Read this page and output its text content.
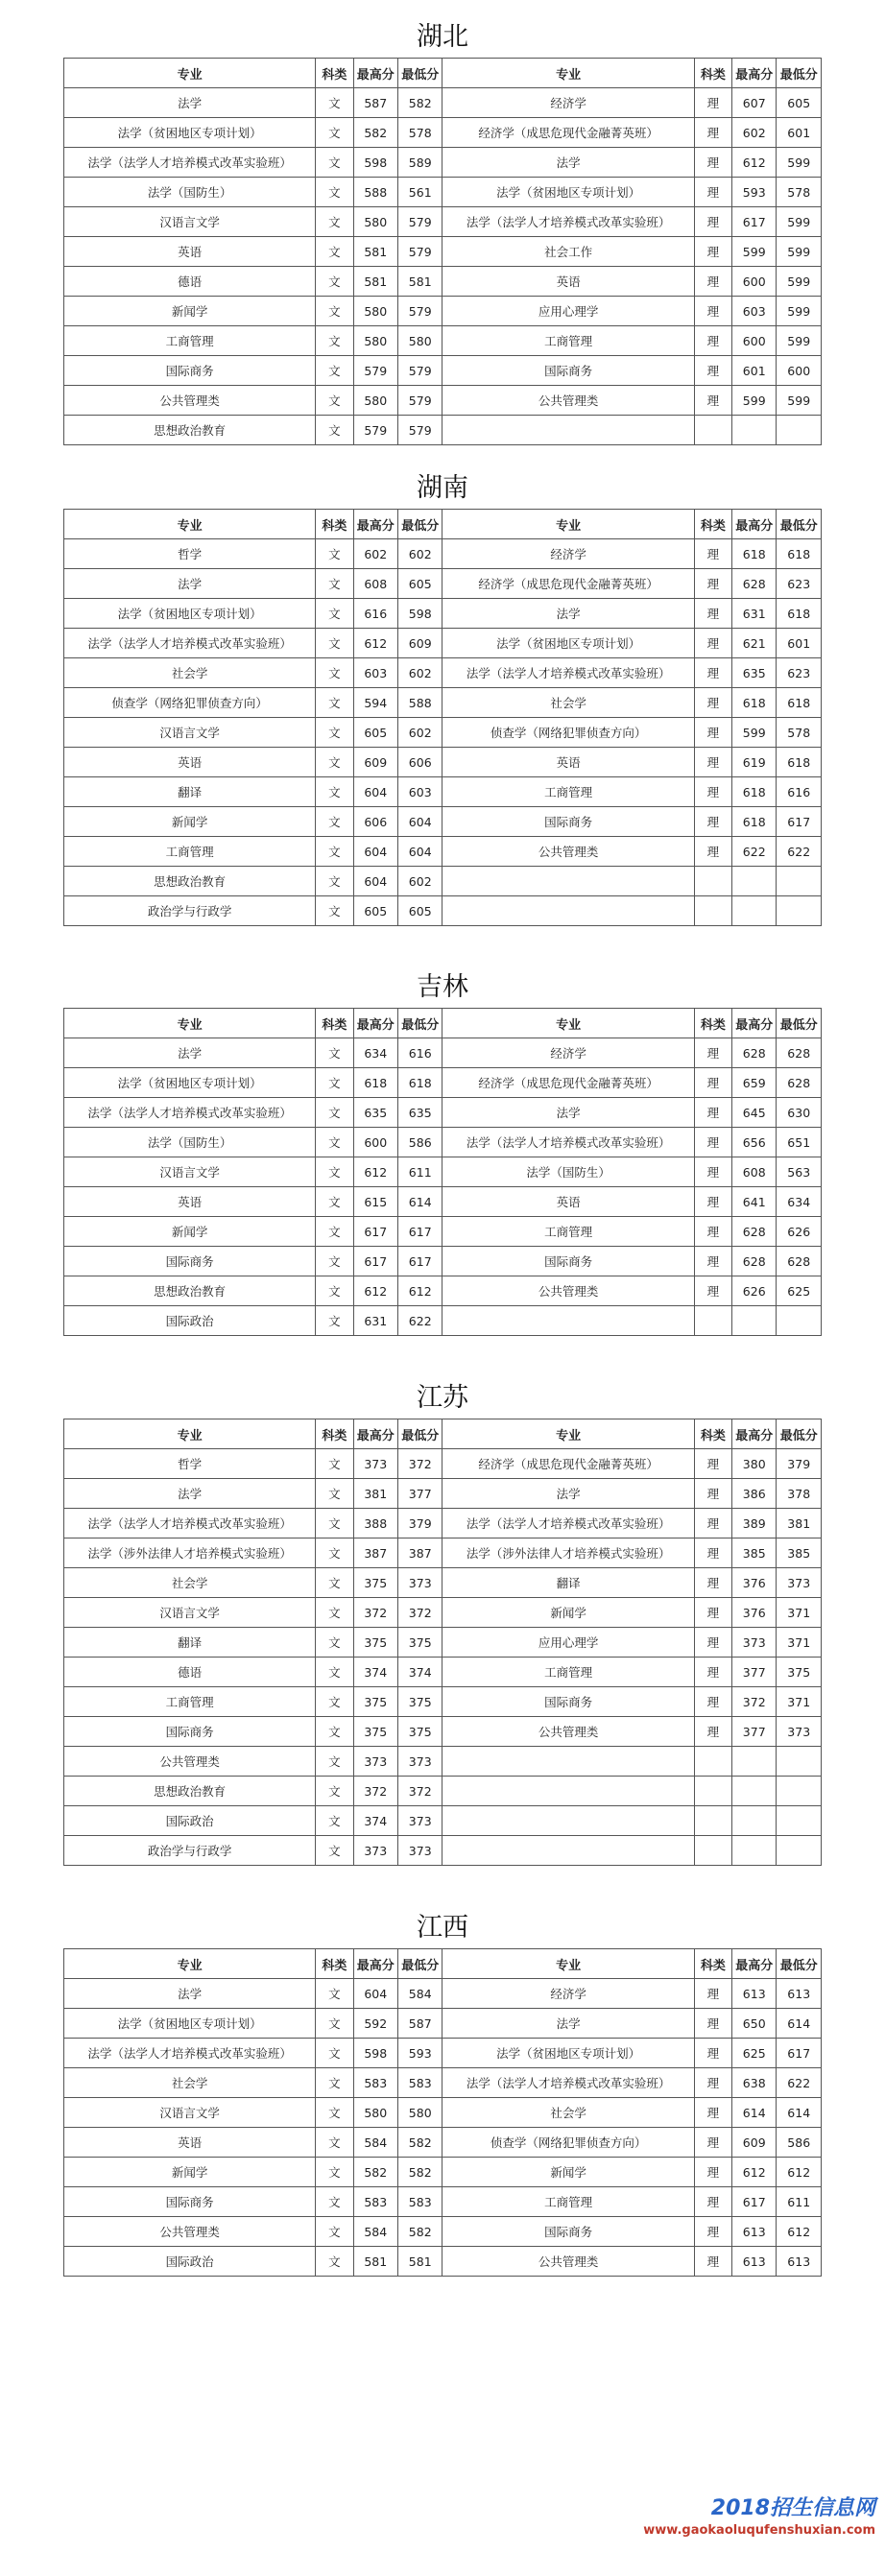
湖北
专业	科类	最高分	最低分	专业	科类	最高分	最低分
法学	文	587	582	经济学	理	607	605
法学（贫困地区专项计划）	文	582	578	经济学（成思危现代金融菁英班）	理	602	601
法学（法学人才培养模式改革实验班）	文	598	589	法学	理	612	599
法学（国防生）	文	588	561	法学（贫困地区专项计划）	理	593	578
汉语言文学	文	580	579	法学（法学人才培养模式改革实验班）	理	617	599
英语	文	581	579	社会工作	理	599	599
德语	文	581	581	英语	理	600	599
新闻学	文	580	579	应用心理学	理	603	599
工商管理	文	580	580	工商管理	理	600	599
国际商务	文	579	579	国际商务	理	601	600
公共管理类	文	580	579	公共管理类	理	599	599
思想政治教育	文	579	579				
湖南
专业	科类	最高分	最低分	专业	科类	最高分	最低分
哲学	文	602	602	经济学	理	618	618
法学	文	608	605	经济学（成思危现代金融菁英班）	理	628	623
法学（贫困地区专项计划）	文	616	598	法学	理	631	618
法学（法学人才培养模式改革实验班）	文	612	609	法学（贫困地区专项计划）	理	621	601
社会学	文	603	602	法学（法学人才培养模式改革实验班）	理	635	623
侦查学（网络犯罪侦查方向）	文	594	588	社会学	理	618	618
汉语言文学	文	605	602	侦查学（网络犯罪侦查方向）	理	599	578
英语	文	609	606	英语	理	619	618
翻译	文	604	603	工商管理	理	618	616
新闻学	文	606	604	国际商务	理	618	617
工商管理	文	604	604	公共管理类	理	622	622
思想政治教育	文	604	602				
政治学与行政学	文	605	605				
吉林
专业	科类	最高分	最低分	专业	科类	最高分	最低分
法学	文	634	616	经济学	理	628	628
法学（贫困地区专项计划）	文	618	618	经济学（成思危现代金融菁英班）	理	659	628
法学（法学人才培养模式改革实验班）	文	635	635	法学	理	645	630
法学（国防生）	文	600	586	法学（法学人才培养模式改革实验班）	理	656	651
汉语言文学	文	612	611	法学（国防生）	理	608	563
英语	文	615	614	英语	理	641	634
新闻学	文	617	617	工商管理	理	628	626
国际商务	文	617	617	国际商务	理	628	628
思想政治教育	文	612	612	公共管理类	理	626	625
国际政治	文	631	622				
江苏
专业	科类	最高分	最低分	专业	科类	最高分	最低分
哲学	文	373	372	经济学（成思危现代金融菁英班）	理	380	379
法学	文	381	377	法学	理	386	378
法学（法学人才培养模式改革实验班）	文	388	379	法学（法学人才培养模式改革实验班）	理	389	381
法学（涉外法律人才培养模式实验班）	文	387	387	法学（涉外法律人才培养模式实验班）	理	385	385
社会学	文	375	373	翻译	理	376	373
汉语言文学	文	372	372	新闻学	理	376	371
翻译	文	375	375	应用心理学	理	373	371
德语	文	374	374	工商管理	理	377	375
工商管理	文	375	375	国际商务	理	372	371
国际商务	文	375	375	公共管理类	理	377	373
公共管理类	文	373	373				
思想政治教育	文	372	372				
国际政治	文	374	373				
政治学与行政学	文	373	373				
江西
专业	科类	最高分	最低分	专业	科类	最高分	最低分
法学	文	604	584	经济学	理	613	613
法学（贫困地区专项计划）	文	592	587	法学	理	650	614
法学（法学人才培养模式改革实验班）	文	598	593	法学（贫困地区专项计划）	理	625	617
社会学	文	583	583	法学（法学人才培养模式改革实验班）	理	638	622
汉语言文学	文	580	580	社会学	理	614	614
英语	文	584	582	侦查学（网络犯罪侦查方向）	理	609	586
新闻学	文	582	582	新闻学	理	612	612
国际商务	文	583	583	工商管理	理	617	611
公共管理类	文	584	582	国际商务	理	613	612
国际政治	文	581	581	公共管理类	理	613	613
2018招生信息网
www.gaokaoluqufenshuxian.com
